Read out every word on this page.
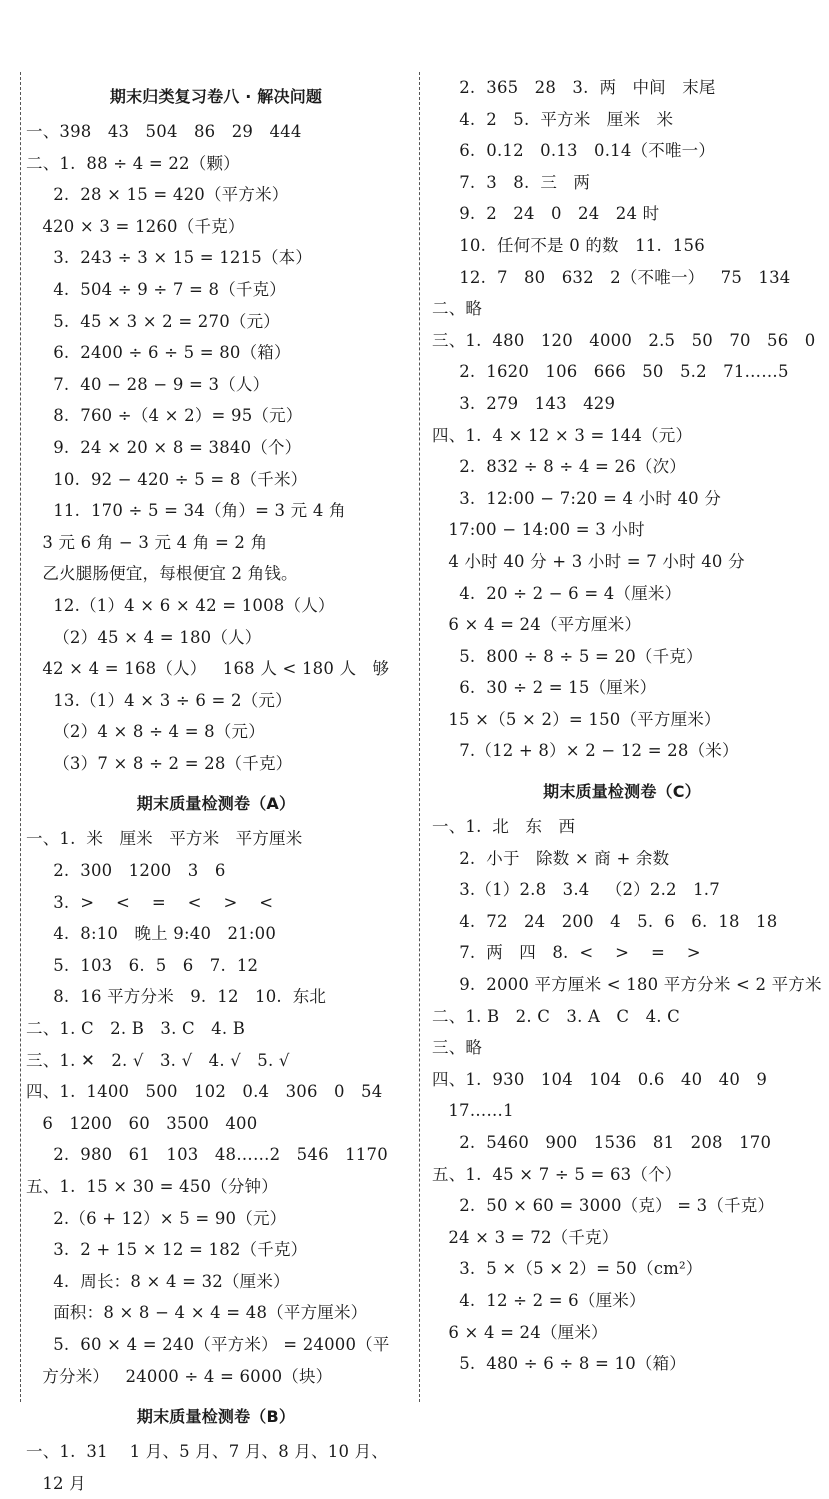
期末归类复习卷八 · 解决问题
一、398   43   504   86   29   444
二、1.  88 ÷ 4 = 22（颗）
2.  28 × 15 = 420（平方米）
420 × 3 = 1260（千克）
3.  243 ÷ 3 × 15 = 1215（本）
4.  504 ÷ 9 ÷ 7 = 8（千克）
5.  45 × 3 × 2 = 270（元）
6.  2400 ÷ 6 ÷ 5 = 80（箱）
7.  40 − 28 − 9 = 3（人）
8.  760 ÷（4 × 2）= 95（元）
9.  24 × 20 × 8 = 3840（个）
10.  92 − 420 ÷ 5 = 8（千米）
11.  170 ÷ 5 = 34（角）= 3 元 4 角
3 元 6 角 − 3 元 4 角 = 2 角
乙火腿肠便宜，每根便宜 2 角钱。
12.（1）4 × 6 × 42 = 1008（人）
（2）45 × 4 = 180（人）
42 × 4 = 168（人）   168 人 < 180 人   够
13.（1）4 × 3 ÷ 6 = 2（元）
（2）4 × 8 ÷ 4 = 8（元）
（3）7 × 8 ÷ 2 = 28（千克）
期末质量检测卷（A）
一、1.  米   厘米   平方米   平方厘米
2.  300   1200   3   6
3.  >    <    =    <    >    <
4.  8:10   晚上 9:40   21:00
5.  103   6.  5   6   7.  12
8.  16 平方分米   9.  12   10.  东北
二、1. C   2. B   3. C   4. B
三、1. ✕   2. √   3. √   4. √   5. √
四、1.  1400   500   102   0.4   306   0   54
6   1200   60   3500   400
2.  980   61   103   48……2   546   1170
五、1.  15 × 30 = 450（分钟）
2.（6 + 12）× 5 = 90（元）
3.  2 + 15 × 12 = 182（千克）
4.  周长：8 × 4 = 32（厘米）
面积：8 × 8 − 4 × 4 = 48（平方厘米）
5.  60 × 4 = 240（平方米） = 24000（平
方分米）   24000 ÷ 4 = 6000（块）
期末质量检测卷（B）
一、1.  31    1 月、5 月、7 月、8 月、10 月、
12 月
2.  365   28   3.  两   中间   末尾
4.  2   5.  平方米   厘米   米
6.  0.12   0.13   0.14（不唯一）
7.  3   8.  三   两
9.  2   24   0   24   24 时
10.  任何不是 0 的数   11.  156
12.  7   80   632   2（不唯一）   75   134
二、略
三、1.  480   120   4000   2.5   50   70   56   0
2.  1620   106   666   50   5.2   71……5
3.  279   143   429
四、1.  4 × 12 × 3 = 144（元）
2.  832 ÷ 8 ÷ 4 = 26（次）
3.  12:00 − 7:20 = 4 小时 40 分
17:00 − 14:00 = 3 小时
4 小时 40 分 + 3 小时 = 7 小时 40 分
4.  20 ÷ 2 − 6 = 4（厘米）
6 × 4 = 24（平方厘米）
5.  800 ÷ 8 ÷ 5 = 20（千克）
6.  30 ÷ 2 = 15（厘米）
15 ×（5 × 2）= 150（平方厘米）
7.（12 + 8）× 2 − 12 = 28（米）
期末质量检测卷（C）
一、1.  北   东   西
2.  小于   除数 × 商 + 余数
3.（1）2.8   3.4   （2）2.2   1.7
4.  72   24   200   4   5.  6   6.  18   18
7.  两   四   8.  <    >    =    >
9.  2000 平方厘米 < 180 平方分米 < 2 平方米
二、1. B   2. C   3. A   C   4. C
三、略
四、1.  930   104   104   0.6   40   40   9
17……1
2.  5460   900   1536   81   208   170
五、1.  45 × 7 ÷ 5 = 63（个）
2.  50 × 60 = 3000（克） = 3（千克）
24 × 3 = 72（千克）
3.  5 ×（5 × 2）= 50（cm²）
4.  12 ÷ 2 = 6（厘米）
6 × 4 = 24（厘米）
5.  480 ÷ 6 ÷ 8 = 10（箱）
